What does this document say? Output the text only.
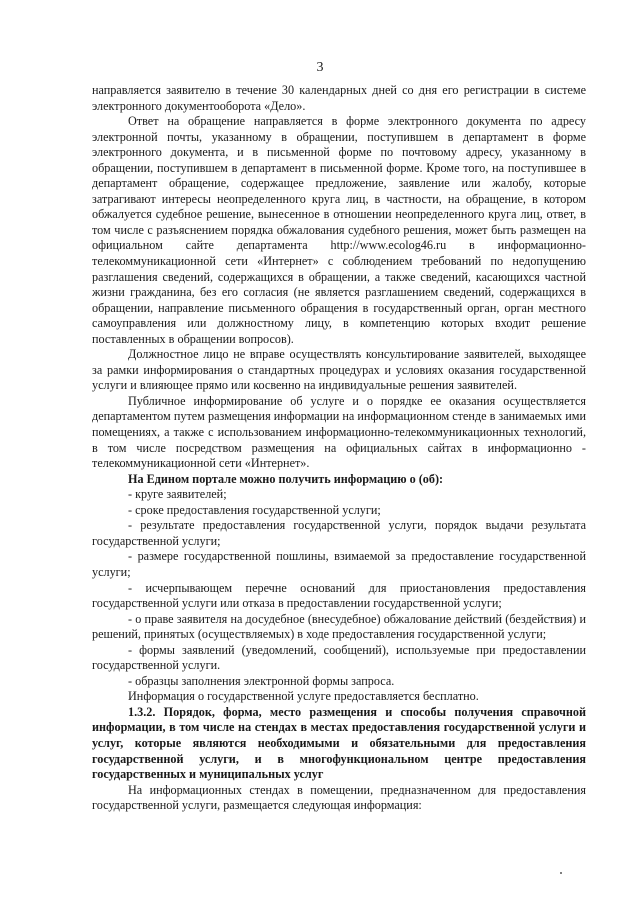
3

направляется заявителю в течение 30 календарных дней со дня его регистрации в системе электронного документооборота «Дело».

Ответ на обращение направляется в форме электронного документа по адресу электронной почты, указанному в обращении, поступившем в департамент в форме электронного документа, и в письменной форме по почтовому адресу, указанному в обращении, поступившем в департамент в письменной форме. Кроме того, на поступившее в департамент обращение, содержащее предложение, заявление или жалобу, которые затрагивают интересы неопределенного круга лиц, в частности, на обращение, в котором обжалуется судебное решение, вынесенное в отношении неопределенного круга лиц, ответ, в том числе с разъяснением порядка обжалования судебного решения, может быть размещен на официальном сайте департамента http://www.ecolog46.ru в информационно-телекоммуникационной сети «Интернет» с соблюдением требований по недопущению разглашения сведений, содержащихся в обращении, а также сведений, касающихся частной жизни гражданина, без его согласия (не является разглашением сведений, содержащихся в обращении, направление письменного обращения в государственный орган, орган местного самоуправления или должностному лицу, в компетенцию которых входит решение поставленных в обращении вопросов).

Должностное лицо не вправе осуществлять консультирование заявителей, выходящее за рамки информирования о стандартных процедурах и условиях оказания государственной услуги и влияющее прямо или косвенно на индивидуальные решения заявителей.

Публичное информирование об услуге и о порядке ее оказания осуществляется департаментом путем размещения информации на информационном стенде в занимаемых ими помещениях, а также с использованием информационно-телекоммуникационных технологий, в том числе посредством размещения на официальных сайтах в информационно - телекоммуникационной сети «Интернет».

На Едином портале можно получить информацию о (об):

- круге заявителей;

- сроке предоставления государственной услуги;

- результате предоставления государственной услуги, порядок выдачи результата государственной услуги;

- размере государственной пошлины, взимаемой за предоставление государственной услуги;

- исчерпывающем перечне оснований для приостановления предоставления государственной услуги или отказа в предоставлении государственной услуги;

- о праве заявителя на досудебное (внесудебное) обжалование действий (бездействия) и решений, принятых (осуществляемых) в ходе предоставления государственной услуги;

- формы заявлений (уведомлений, сообщений), используемые при предоставлении государственной услуги.

- образцы заполнения электронной формы запроса.

Информация о государственной услуге предоставляется бесплатно.

1.3.2. Порядок, форма, место размещения и способы получения справочной информации, в том числе на стендах в местах предоставления государственной услуги и услуг, которые являются необходимыми и обязательными для предоставления государственной услуги, и в многофункциональном центре предоставления государственных и муниципальных услуг

На информационных стендах в помещении, предназначенном для предоставления государственной услуги, размещается следующая информация:
